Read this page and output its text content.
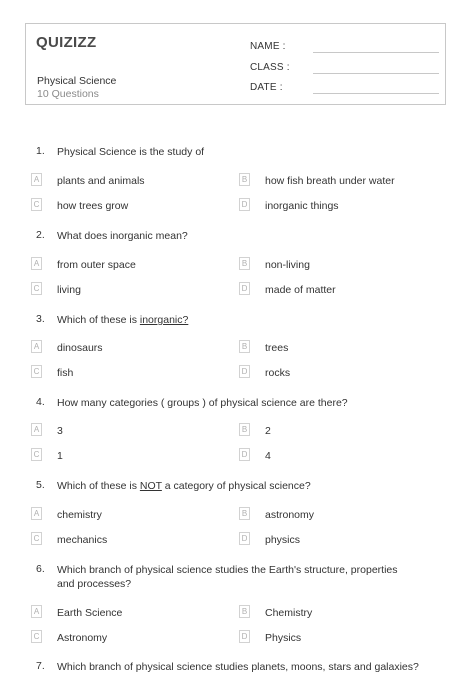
QUIZIZZ
Physical Science
10 Questions
NAME :
CLASS :
DATE :
1.	Physical Science is the study of
A plants and animals	B how fish breath under water
C how trees grow	D inorganic things
2.	What does inorganic mean?
A from outer space	B non-living
C living	D made of matter
3.	Which of these is inorganic?
A dinosaurs	B trees
C fish	D rocks
4.	How many categories ( groups ) of physical science are there?
A 3	B 2
C 1	D 4
5.	Which of these is NOT a category of physical science?
A chemistry	B astronomy
C mechanics	D physics
6.	Which branch of physical science studies the Earth's structure, properties and processes?
A Earth Science	B Chemistry
C Astronomy	D Physics
7.	Which branch of physical science studies planets, moons, stars and galaxies?
